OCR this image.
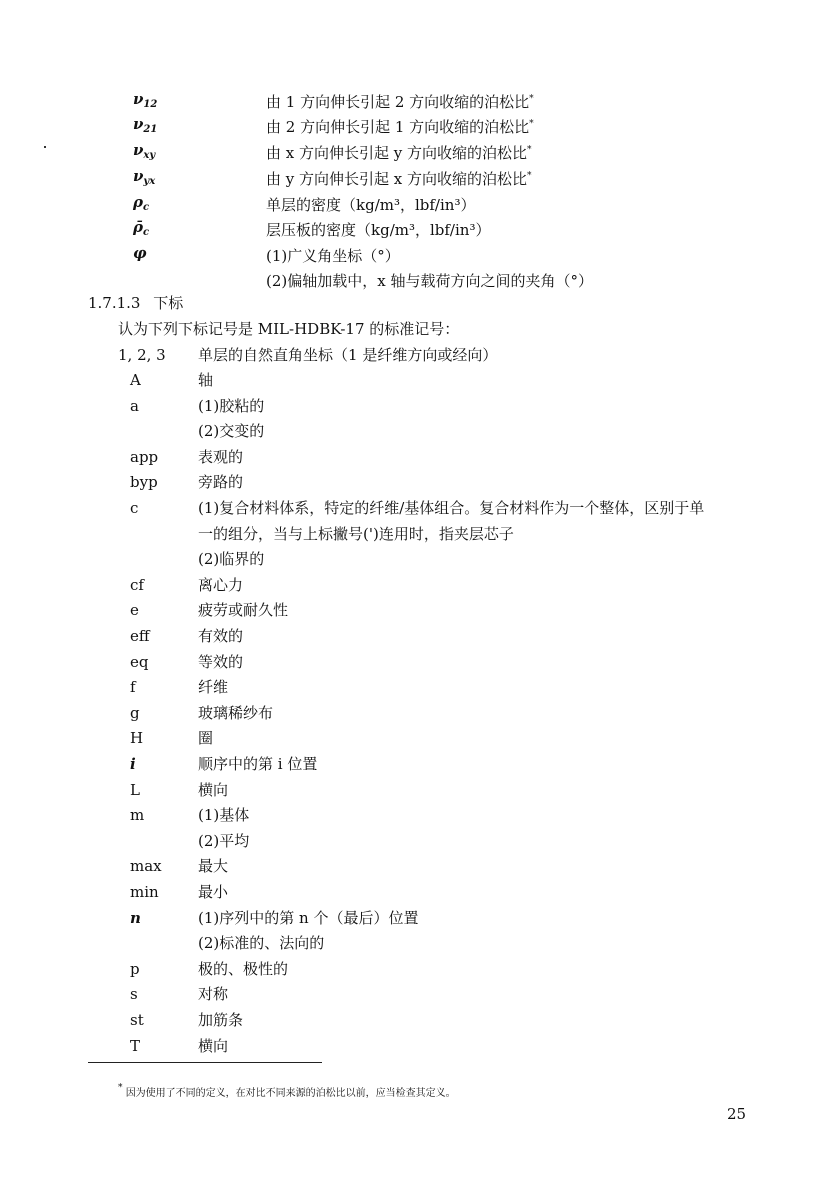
$\nu_{12}$	由 1 方向伸长引起 2 方向收缩的泊松比*
$\nu_{21}$	由 2 方向伸长引起 1 方向收缩的泊松比*
$\nu_{xy}$	由 x 方向伸长引起 y 方向收缩的泊松比*
$\nu_{yx}$	由 y 方向伸长引起 x 方向收缩的泊松比*
$\rho_c$	单层的密度（kg/m³，lbf/in³）
$\rhō_c$	层压板的密度（kg/m³，lbf/in³）
φ	(1)广义角坐标（°）
(2)偏轴加载中，x 轴与载荷方向之间的夹角（°）
1.7.1.3 下标
认为下列下标记号是 MIL-HDBK-17 的标准记号：
1, 2, 3 单层的自然直角坐标（1 是纤维方向或经向）
A	轴
a	(1)胶粘的
(2)交变的
app	表观的
byp	旁路的
c	(1)复合材料体系，特定的纤维/基体组合。复合材料作为一个整体，区别于单
一的组分，当与上标撇号(')连用时，指夹层芯子
(2)临界的
cf	离心力
e	疲劳或耐久性
eff	有效的
eq	等效的
f	纤维
g	玻璃稀纱布
H	圈
i	顺序中的第 i 位置
L	横向
m	(1)基体
(2)平均
max 最大
min	最小
n	(1)序列中的第 n 个（最后）位置
(2)标准的、法向的
p	极的、极性的
s	对称
st	加筋条
T	横向
* 因为使用了不同的定义，在对比不同来源的泊松比以前，应当检查其定义。
25
